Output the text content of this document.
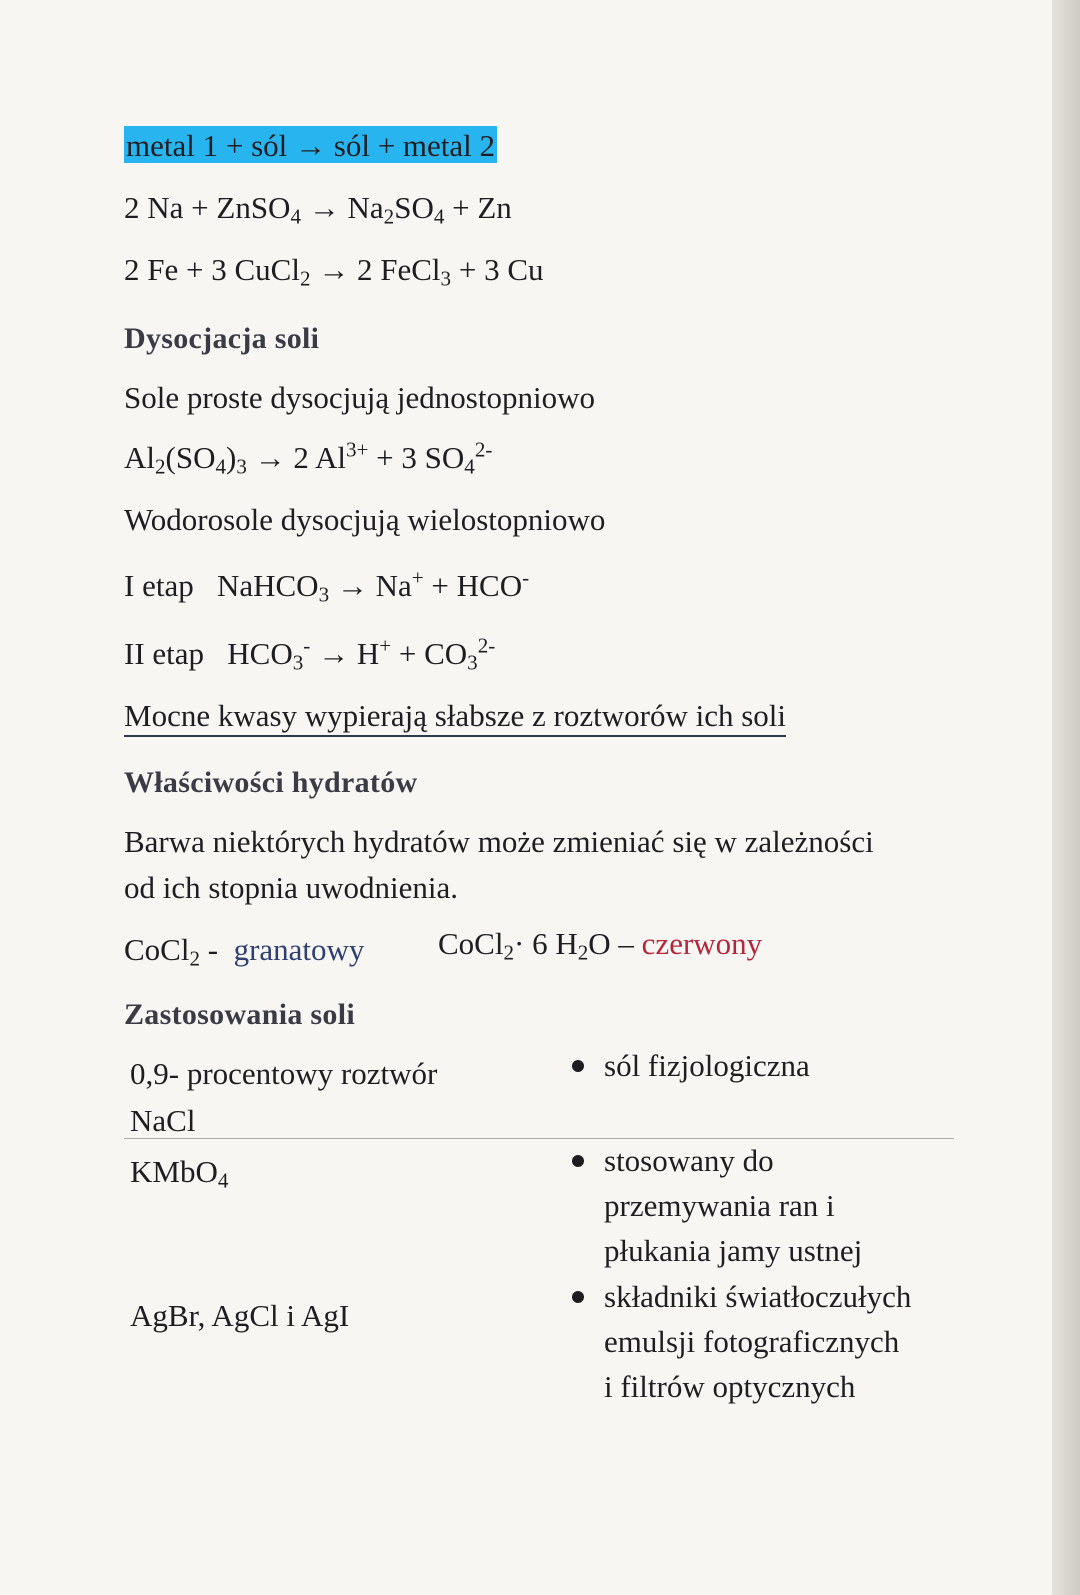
metal 1 + sól → sól + metal 2
2 Na + ZnSO$_4$ → $Na_2SO_4 + Zn$
2 Fe + 3 CuCl$_2$ → 2 FeCl$_3$ + 3 Cu
Dysocjacja soli
Sole proste dysocjują jednostopniowo
$Al_2(SO_4)_3 \to 2$ $Al^{3+} + 3$ $SO_4^{2-}$
Wodorosole dysocjują wielostopniowo
I etap NaHCO$_3$ → Na+ + HCO-
II etap $HCO_3^- \to H^+ + CO_3^{2-}$
Mocne kwasy wypierają słabsze z roztworów ich soli
Właściwości hydratów
Barwa niektórych hydratów może zmieniać się w zależności
od ich stopnia uwodnienia.
CoCl$_2$ -  granatowy CoCl$_2$· 6 $H_2O$ – czerwony
Zastosowania soli
0,9- procentowy roztwór
NaCl
sól fizjologiczna
KMbO$_4$
stosowany do
przemywania ran i
płukania jamy ustnej
AgBr, AgCl i AgI
składniki światłoczułych
emulsji fotograficznych
i filtrów optycznych
